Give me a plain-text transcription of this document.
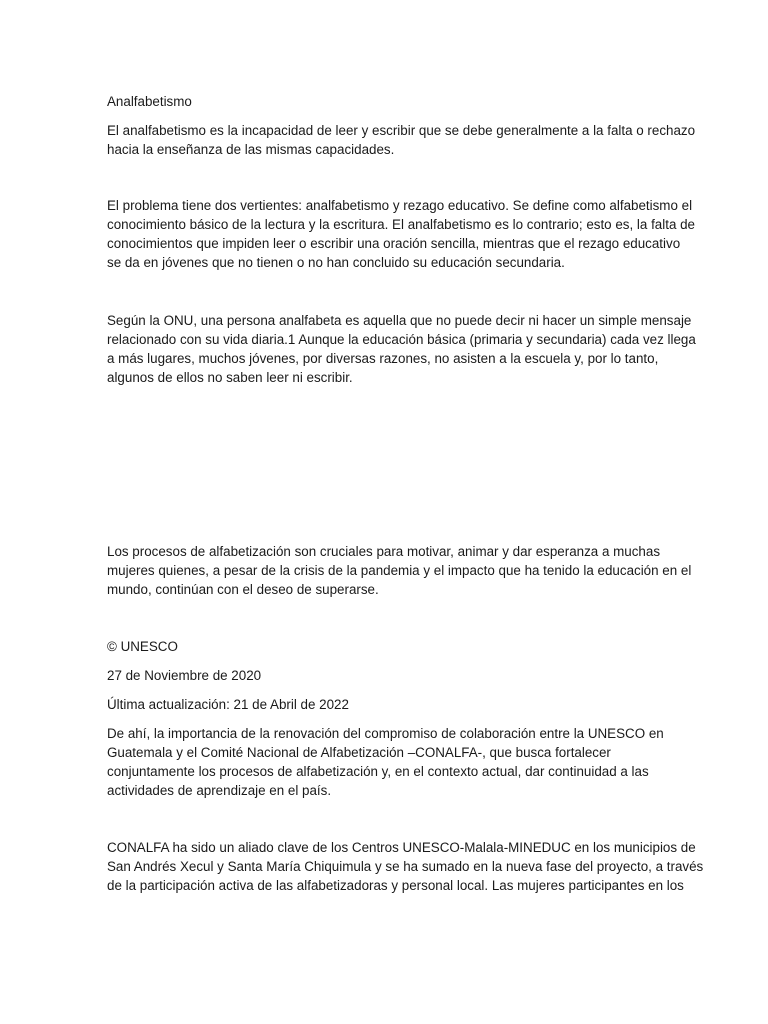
Analfabetismo

El analfabetismo es la incapacidad de leer y escribir que se debe generalmente a la falta o rechazo
hacia la enseñanza de las mismas capacidades.

El problema tiene dos vertientes: analfabetismo y rezago educativo. Se define como alfabetismo el
conocimiento básico de la lectura y la escritura. El analfabetismo es lo contrario; esto es, la falta de
conocimientos que impiden leer o escribir una oración sencilla, mientras que el rezago educativo
se da en jóvenes que no tienen o no han concluido su educación secundaria.

Según la ONU, una persona analfabeta es aquella que no puede decir ni hacer un simple mensaje
relacionado con su vida diaria.1 Aunque la educación básica (primaria y secundaria) cada vez llega
a más lugares, muchos jóvenes, por diversas razones, no asisten a la escuela y, por lo tanto,
algunos de ellos no saben leer ni escribir.

Los procesos de alfabetización son cruciales para motivar, animar y dar esperanza a muchas
mujeres quienes, a pesar de la crisis de la pandemia y el impacto que ha tenido la educación en el
mundo, continúan con el deseo de superarse.

© UNESCO

27 de Noviembre de 2020

Última actualización: 21 de Abril de 2022

De ahí, la importancia de la renovación del compromiso de colaboración entre la UNESCO en
Guatemala y el Comité Nacional de Alfabetización –CONALFA-, que busca fortalecer
conjuntamente los procesos de alfabetización y, en el contexto actual, dar continuidad a las
actividades de aprendizaje en el país.

CONALFA ha sido un aliado clave de los Centros UNESCO-Malala-MINEDUC en los municipios de
San Andrés Xecul y Santa María Chiquimula y se ha sumado en la nueva fase del proyecto, a través
de la participación activa de las alfabetizadoras y personal local. Las mujeres participantes en los
